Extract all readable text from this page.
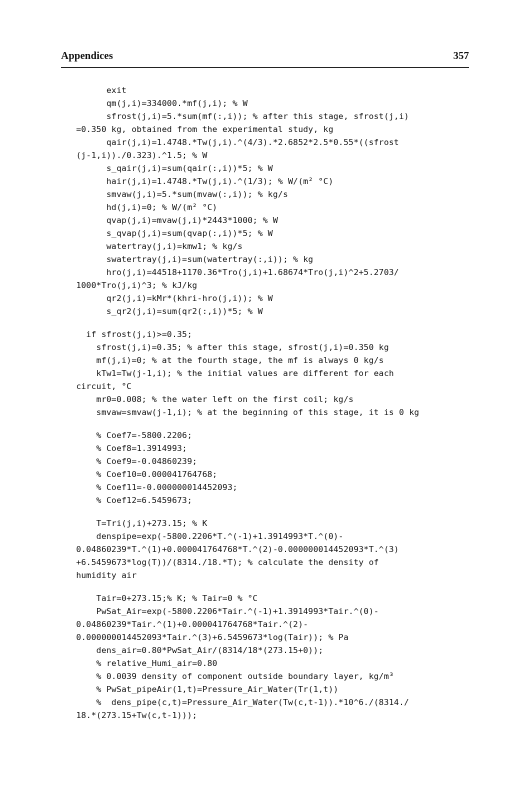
Appendices	357
exit
qm(j,i)=334000.*mf(j,i); % W
sfrost(j,i)=5.*sum(mf(:,i)); % after this stage, sfrost(j,i)
=0.350 kg, obtained from the experimental study, kg
qair(j,i)=1.4748.*Tw(j,i).^(4/3).*2.6852*2.5*0.55*((sfrost
(j-1,i))./0.323).^1.5; % W
s_qair(j,i)=sum(qair(:,i))*5; % W
hair(j,i)=1.4748.*Tw(j,i).^(1/3); % W/(m² °C)
smvaw(j,i)=5.*sum(mvaw(:,i)); % kg/s
hd(j,i)=0; % W/(m² °C)
qvap(j,i)=mvaw(j,i)*2443*1000; % W
s_qvap(j,i)=sum(qvap(:,i))*5; % W
watertray(j,i)=kmw1; % kg/s
swatertray(j,i)=sum(watertray(:,i)); % kg
hro(j,i)=44518+1170.36*Tro(j,i)+1.68674*Tro(j,i)^2+5.2703/
1000*Tro(j,i)^3; % kJ/kg
qr2(j,i)=kMr*(khri-hro(j,i)); % W
s_qr2(j,i)=sum(qr2(:,i))*5; % W
if sfrost(j,i)>=0.35;
sfrost(j,i)=0.35; % after this stage, sfrost(j,i)=0.350 kg
mf(j,i)=0; % at the fourth stage, the mf is always 0 kg/s
kTw1=Tw(j-1,i); % the initial values are different for each
circuit, °C
mr0=0.008; % the water left on the first coil; kg/s
smvaw=smvaw(j-1,i); % at the beginning of this stage, it is 0 kg
% Coef7=-5800.2206;
% Coef8=1.3914993;
% Coef9=-0.04860239;
% Coef10=0.000041764768;
% Coef11=-0.000000014452093;
% Coef12=6.5459673;
T=Tri(j,i)+273.15; % K
denspipe=exp(-5800.2206*T.^(-1)+1.3914993*T.^(0)-
0.04860239*T.^(1)+0.000041764768*T.^(2)-0.000000014452093*T.^(3)
+6.5459673*log(T))/(8314./18.*T); % calculate the density of
humidity air
Tair=0+273.15;% K; % Tair=0 % °C
PwSat_Air=exp(-5800.2206*Tair.^(-1)+1.3914993*Tair.^(0)-
0.04860239*Tair.^(1)+0.000041764768*Tair.^(2)-
0.000000014452093*Tair.^(3)+6.5459673*log(Tair)); % Pa
dens_air=0.80*PwSat_Air/(8314/18*(273.15+0));
% relative_Humi_air=0.80
% 0.0039 density of component outside boundary layer, kg/m³
% PwSat_pipeAir(1,t)=Pressure_Air_Water(Tr(1,t))
%  dens_pipe(c,t)=Pressure_Air_Water(Tw(c,t-1)).*10^6./(8314./
18.*(273.15+Tw(c,t-1)));
